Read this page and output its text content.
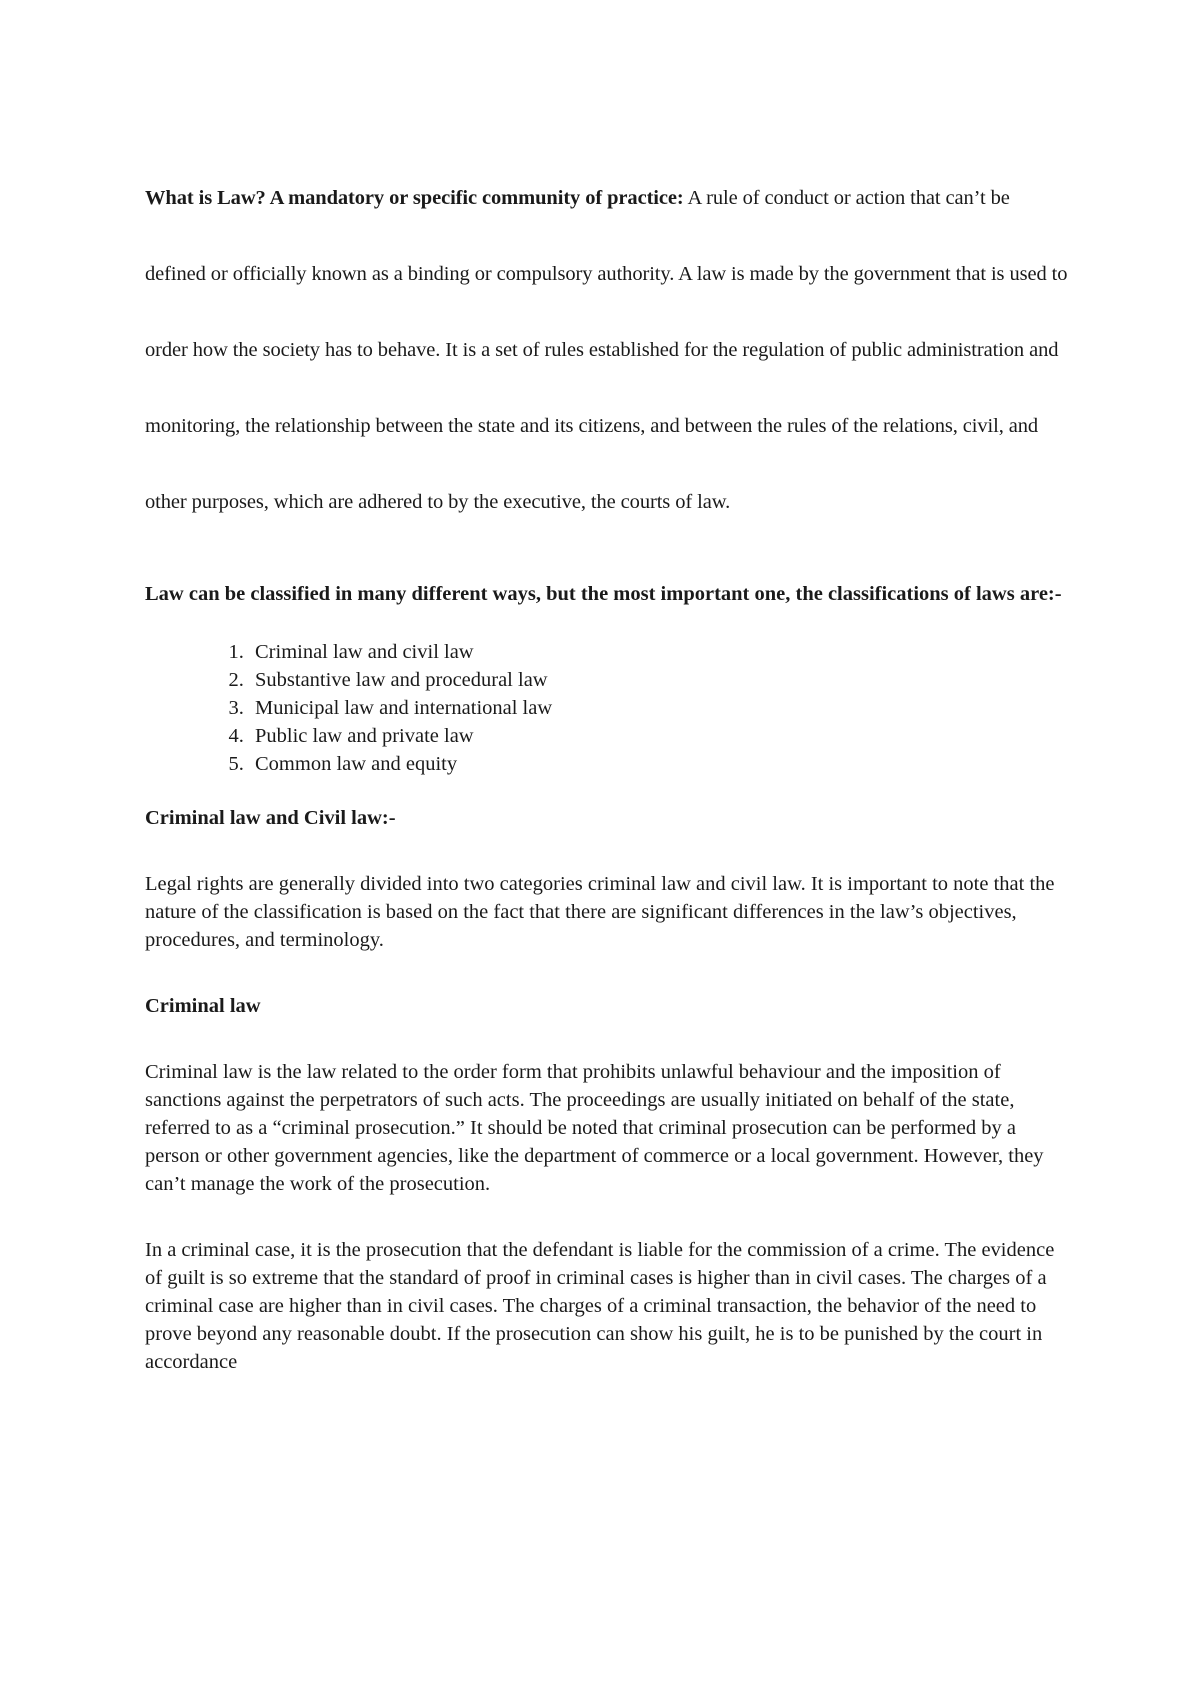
What is Law? A mandatory or specific community of practice: A rule of conduct or action that can’t be defined or officially known as a binding or compulsory authority. A law is made by the government that is used to order how the society has to behave. It is a set of rules established for the regulation of public administration and monitoring, the relationship between the state and its citizens, and between the rules of the relations, civil, and other purposes, which are adhered to by the executive, the courts of law.

Law can be classified in many different ways, but the most important one, the classifications of laws are:-

1. Criminal law and civil law
2. Substantive law and procedural law
3. Municipal law and international law
4. Public law and private law
5. Common law and equity

Criminal law and Civil law:-

Legal rights are generally divided into two categories criminal law and civil law. It is important to note that the nature of the classification is based on the fact that there are significant differences in the law’s objectives, procedures, and terminology.

Criminal law

Criminal law is the law related to the order form that prohibits unlawful behaviour and the imposition of sanctions against the perpetrators of such acts. The proceedings are usually initiated on behalf of the state, referred to as a “criminal prosecution.” It should be noted that criminal prosecution can be performed by a person or other government agencies, like the department of commerce or a local government. However, they can’t manage the work of the prosecution.

In a criminal case, it is the prosecution that the defendant is liable for the commission of a crime. The evidence of guilt is so extreme that the standard of proof in criminal cases is higher than in civil cases. The charges of a criminal case are higher than in civil cases. The charges of a criminal transaction, the behavior of the need to prove beyond any reasonable doubt. If the prosecution can show his guilt, he is to be punished by the court in accordance
